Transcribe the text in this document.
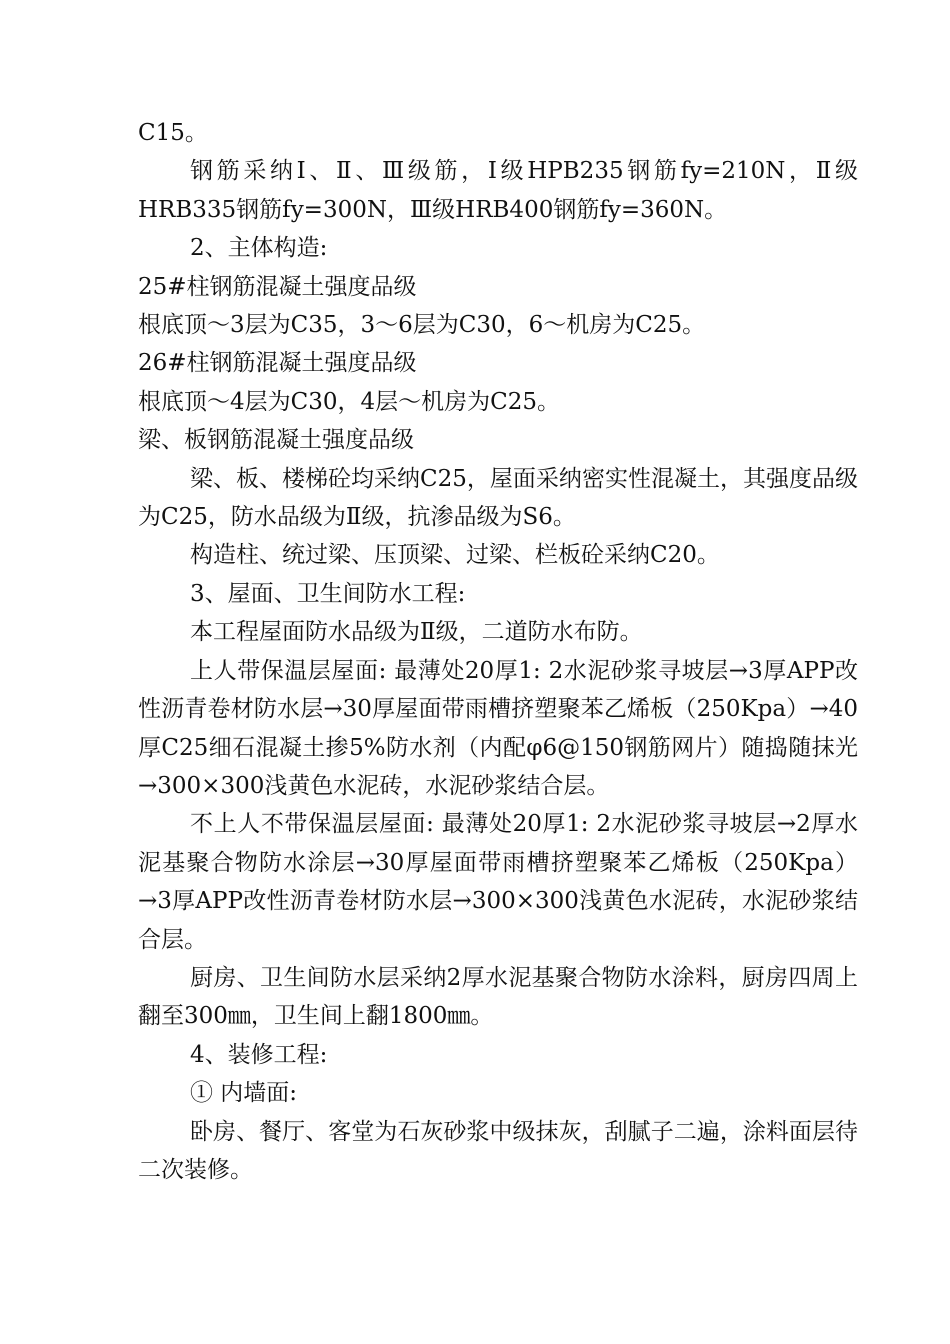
C15。

钢筋采纳Ⅰ、Ⅱ、Ⅲ级筋，Ⅰ级HPB235钢筋fy=210N，Ⅱ级HRB335钢筋fy=300N，Ⅲ级HRB400钢筋fy=360N。

2、主体构造:

25#柱钢筋混凝土强度品级

根底顶～3层为C35，3～6层为C30，6～机房为C25。

26#柱钢筋混凝土强度品级

根底顶～4层为C30，4层～机房为C25。

梁、板钢筋混凝土强度品级

梁、板、楼梯砼均采纳C25，屋面采纳密实性混凝土，其强度品级为C25，防水品级为Ⅱ级，抗渗品级为S6。

构造柱、统过梁、压顶梁、过梁、栏板砼采纳C20。

3、屋面、卫生间防水工程:

本工程屋面防水品级为Ⅱ级，二道防水布防。

上人带保温层屋面: 最薄处20厚1: 2水泥砂浆寻坡层→3厚APP改性沥青卷材防水层→30厚屋面带雨槽挤塑聚苯乙烯板（250Kpa）→40厚C25细石混凝土掺5%防水剂（内配φ6@150钢筋网片）随捣随抹光→300×300浅黄色水泥砖，水泥砂浆结合层。

不上人不带保温层屋面: 最薄处20厚1: 2水泥砂浆寻坡层→2厚水泥基聚合物防水涂层→30厚屋面带雨槽挤塑聚苯乙烯板（250Kpa）→3厚APP改性沥青卷材防水层→300×300浅黄色水泥砖，水泥砂浆结合层。

厨房、卫生间防水层采纳2厚水泥基聚合物防水涂料，厨房四周上翻至300㎜，卫生间上翻1800㎜。

4、装修工程:

① 内墙面:

卧房、餐厅、客堂为石灰砂浆中级抹灰，刮腻子二遍，涂料面层待二次装修。
